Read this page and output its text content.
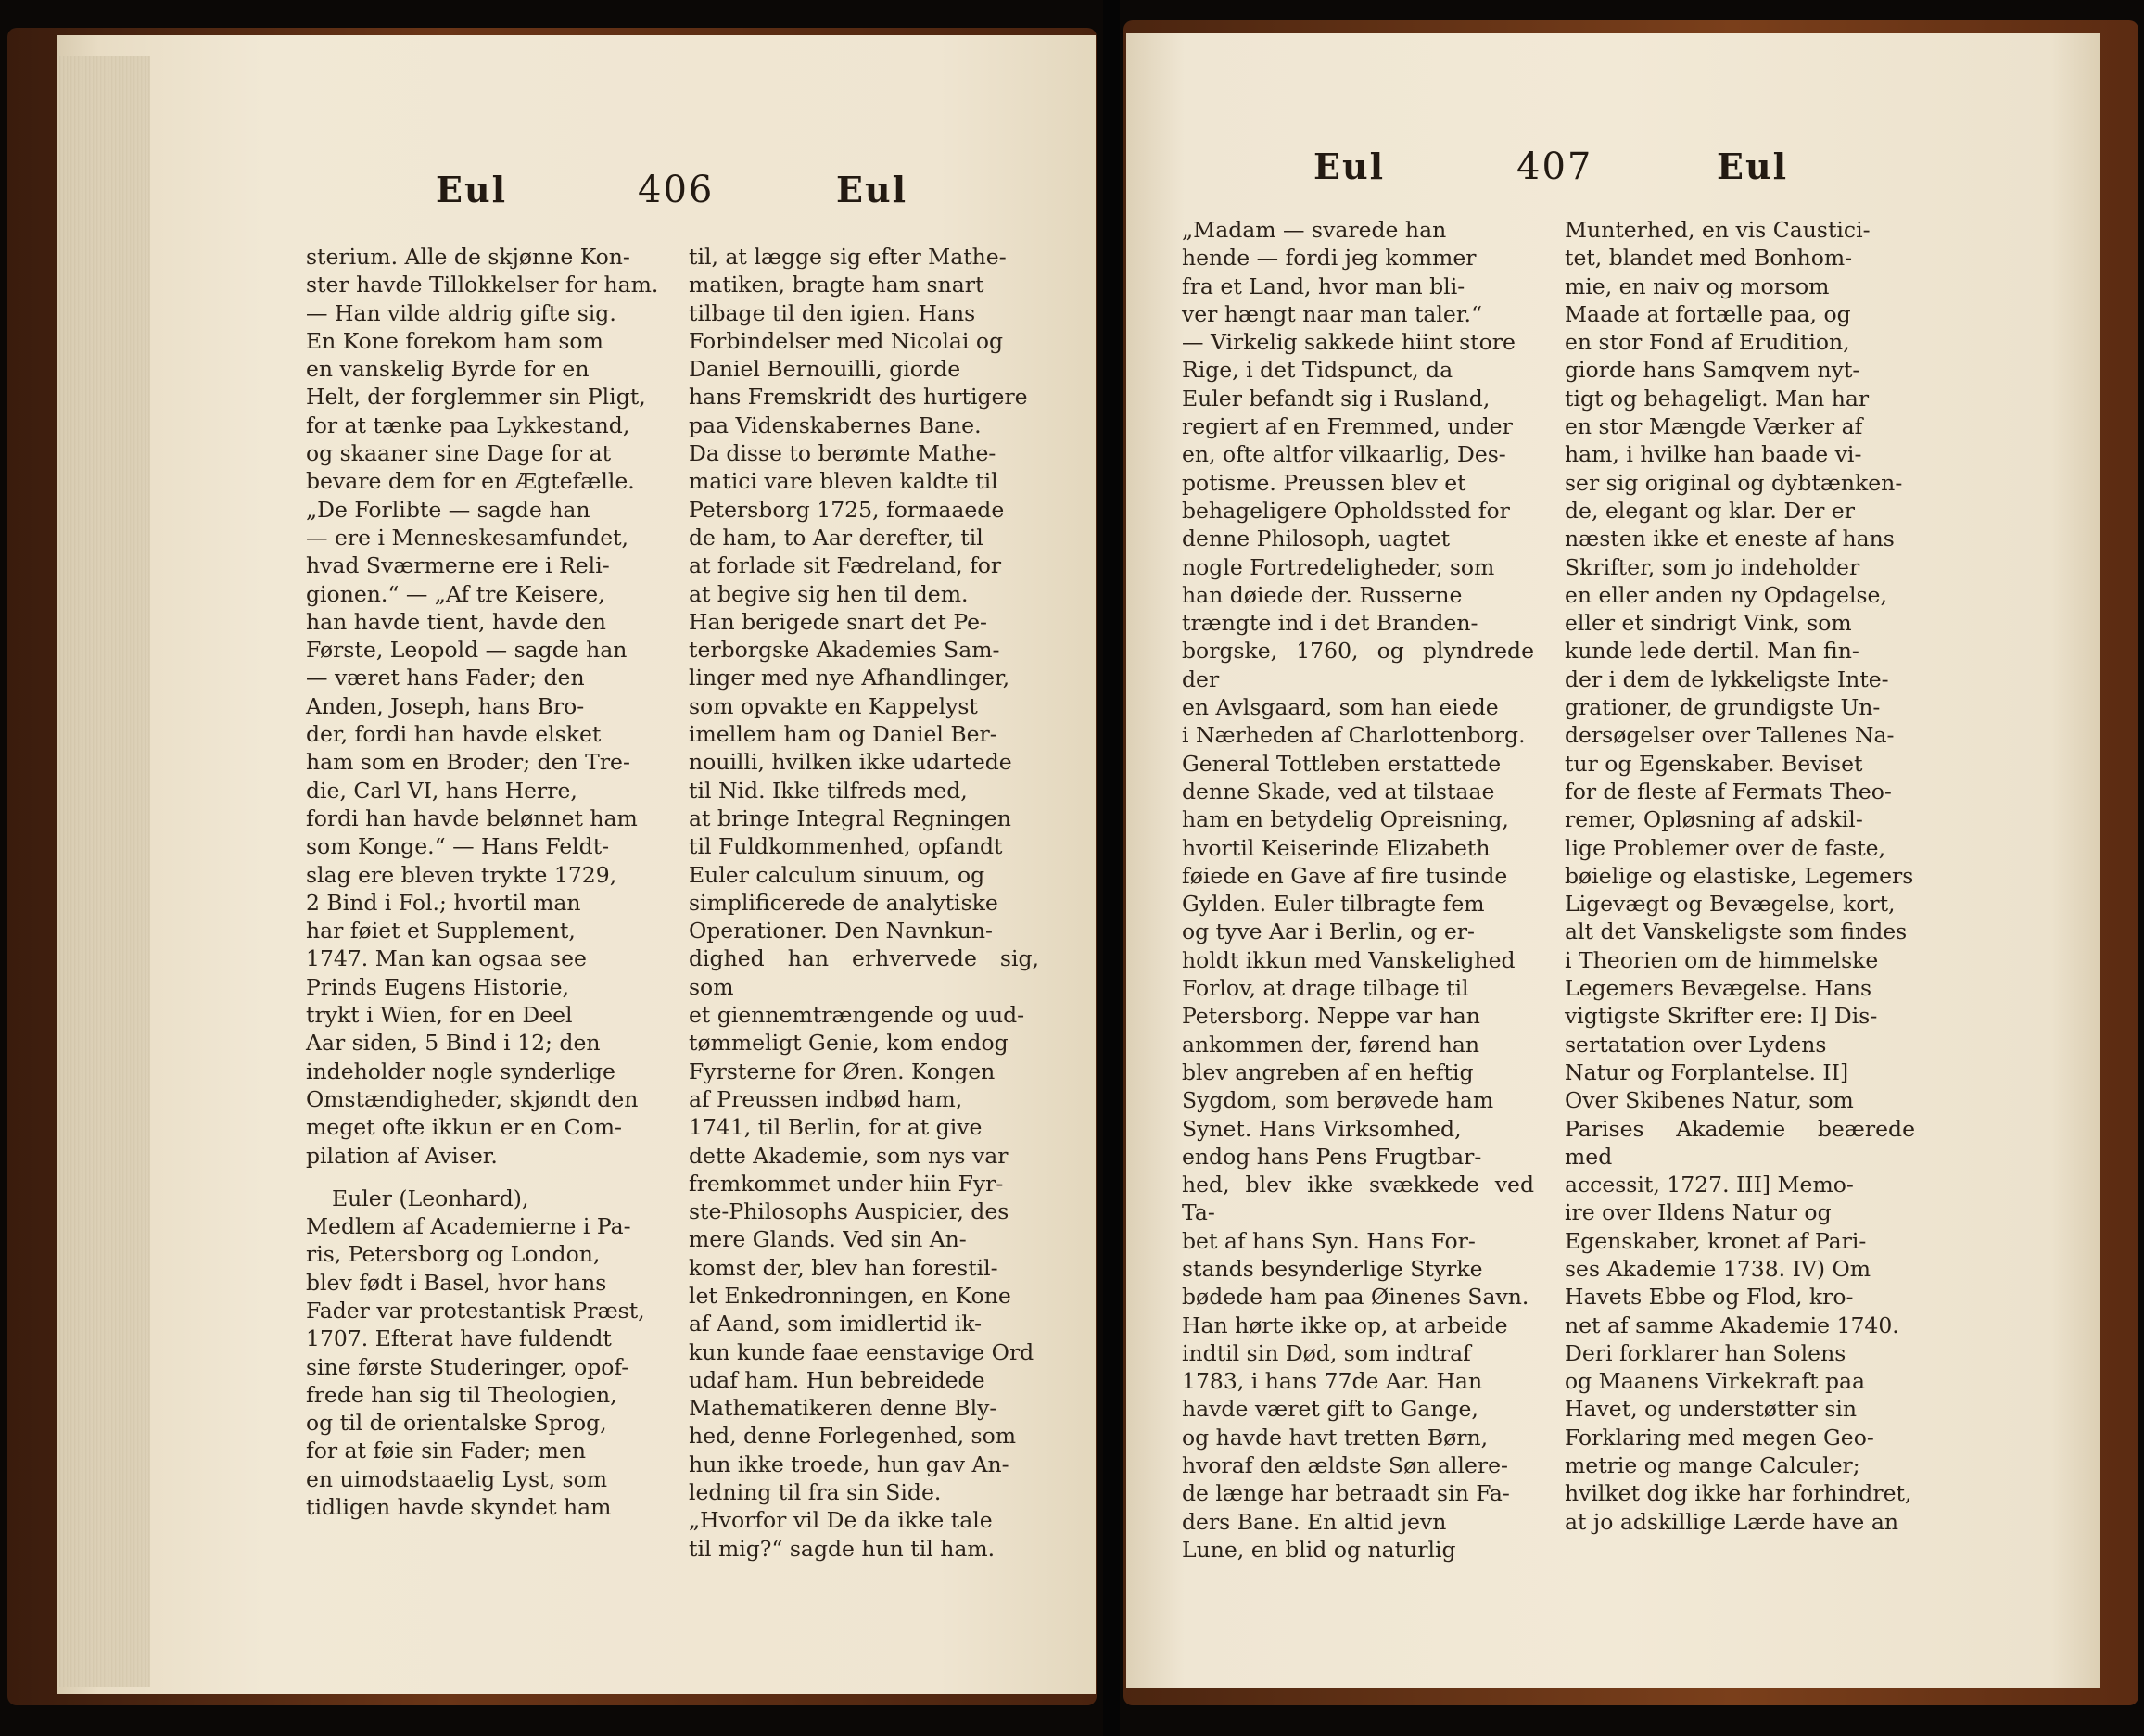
Eul	406	Eul

sterium. Alle de skjønne Kon-
ster havde Tillokkelser for ham.
— Han vilde aldrig gifte sig.
En Kone forekom ham som
en vanskelig Byrde for en
Helt, der forglemmer sin Pligt,
for at tænke paa Lykkestand,
og skaaner sine Dage for at
bevare dem for en Ægtefælle.
„De Forlibte — sagde han
— ere i Menneskesamfundet,
hvad Sværmerne ere i Reli-
gionen.“ — „Af tre Keisere,
han havde tient, havde den
Første, Leopold — sagde han
— været hans Fader; den
Anden, Joseph, hans Bro-
der, fordi han havde elsket
ham som en Broder; den Tre-
die, Carl VI, hans Herre,
fordi han havde belønnet ham
som Konge.“ — Hans Feldt-
slag ere bleven trykte 1729,
2 Bind i Fol.; hvortil man
har føiet et Supplement,
1747. Man kan ogsaa see
Prinds Eugens Historie,
trykt i Wien, for en Deel
Aar siden, 5 Bind i 12; den
indeholder nogle synderlige
Omstændigheder, skjøndt den
meget ofte ikkun er en Com-
pilation af Aviser.

Euler (Leonhard),
Medlem af Academierne i Pa-
ris, Petersborg og London,
blev født i Basel, hvor hans
Fader var protestantisk Præst,
1707. Efterat have fuldendt
sine første Studeringer, opof-
frede han sig til Theologien,
og til de orientalske Sprog,
for at føie sin Fader; men
en uimodstaaelig Lyst, som
tidligen havde skyndet ham

til, at lægge sig efter Mathe-
matiken, bragte ham snart
tilbage til den igien. Hans
Forbindelser med Nicolai og
Daniel Bernouilli, giorde
hans Fremskridt des hurtigere
paa Videnskabernes Bane.
Da disse to berømte Mathe-
matici vare bleven kaldte til
Petersborg 1725, formaaede
de ham, to Aar derefter, til
at forlade sit Fædreland, for
at begive sig hen til dem.
Han berigede snart det Pe-
terborgske Akademies Sam-
linger med nye Afhandlinger,
som opvakte en Kappelyst
imellem ham og Daniel Ber-
nouilli, hvilken ikke udartede
til Nid. Ikke tilfreds med,
at bringe Integral Regningen
til Fuldkommenhed, opfandt
Euler calculum sinuum, og
simplificerede de analytiske
Operationer. Den Navnkun-
dighed han erhvervede sig, som
et giennemtrængende og uud-
tømmeligt Genie, kom endog
Fyrsterne for Øren. Kongen
af Preussen indbød ham,
1741, til Berlin, for at give
dette Akademie, som nys var
fremkommet under hiin Fyr-
ste-Philosophs Auspicier, des
mere Glands. Ved sin An-
komst der, blev han forestil-
let Enkedronningen, en Kone
af Aand, som imidlertid ik-
kun kunde faae eenstavige Ord
udaf ham. Hun bebreidede
Mathematikeren denne Bly-
hed, denne Forlegenhed, som
hun ikke troede, hun gav An-
ledning til fra sin Side.
„Hvorfor vil De da ikke tale
til mig?“ sagde hun til ham.

Eul	407	Eul

„Madam — svarede han
hende — fordi jeg kommer
fra et Land, hvor man bli-
ver hængt naar man taler.“
— Virkelig sakkede hiint store
Rige, i det Tidspunct, da
Euler befandt sig i Rusland,
regiert af en Fremmed, under
en, ofte altfor vilkaarlig, Des-
potisme. Preussen blev et
behageligere Opholdssted for
denne Philosoph, uagtet
nogle Fortredeligheder, som
han døiede der. Russerne
trængte ind i det Branden-
borgske, 1760, og plyndrede der
en Avlsgaard, som han eiede
i Nærheden af Charlottenborg.
General Tottleben erstattede
denne Skade, ved at tilstaae
ham en betydelig Opreisning,
hvortil Keiserinde Elizabeth
føiede en Gave af fire tusinde
Gylden. Euler tilbragte fem
og tyve Aar i Berlin, og er-
holdt ikkun med Vanskelighed
Forlov, at drage tilbage til
Petersborg. Neppe var han
ankommen der, førend han
blev angreben af en heftig
Sygdom, som berøvede ham
Synet. Hans Virksomhed,
endog hans Pens Frugtbar-
hed, blev ikke svækkede ved Ta-
bet af hans Syn. Hans For-
stands besynderlige Styrke
bødede ham paa Øinenes Savn.
Han hørte ikke op, at arbeide
indtil sin Død, som indtraf
1783, i hans 77de Aar. Han
havde været gift to Gange,
og havde havt tretten Børn,
hvoraf den ældste Søn allere-
de længe har betraadt sin Fa-
ders Bane. En altid jevn
Lune, en blid og naturlig

Munterhed, en vis Caustici-
tet, blandet med Bonhom-
mie, en naiv og morsom
Maade at fortælle paa, og
en stor Fond af Erudition,
giorde hans Samqvem nyt-
tigt og behageligt. Man har
en stor Mængde Værker af
ham, i hvilke han baade vi-
ser sig original og dybtænken-
de, elegant og klar. Der er
næsten ikke et eneste af hans
Skrifter, som jo indeholder
en eller anden ny Opdagelse,
eller et sindrigt Vink, som
kunde lede dertil. Man fin-
der i dem de lykkeligste Inte-
grationer, de grundigste Un-
dersøgelser over Tallenes Na-
tur og Egenskaber. Beviset
for de fleste af Fermats Theo-
remer, Opløsning af adskil-
lige Problemer over de faste,
bøielige og elastiske, Legemers
Ligevægt og Bevægelse, kort,
alt det Vanskeligste som findes
i Theorien om de himmelske
Legemers Bevægelse. Hans
vigtigste Skrifter ere: I] Dis-
sertatation over Lydens
Natur og Forplantelse. II]
Over Skibenes Natur, som
Parises Akademie beærede med
accessit, 1727. III] Memo-
ire over Ildens Natur og
Egenskaber, kronet af Pari-
ses Akademie 1738. IV) Om
Havets Ebbe og Flod, kro-
net af samme Akademie 1740.
Deri forklarer han Solens
og Maanens Virkekraft paa
Havet, og understøtter sin
Forklaring med megen Geo-
metrie og mange Calculer;
hvilket dog ikke har forhindret,
at jo adskillige Lærde have an
